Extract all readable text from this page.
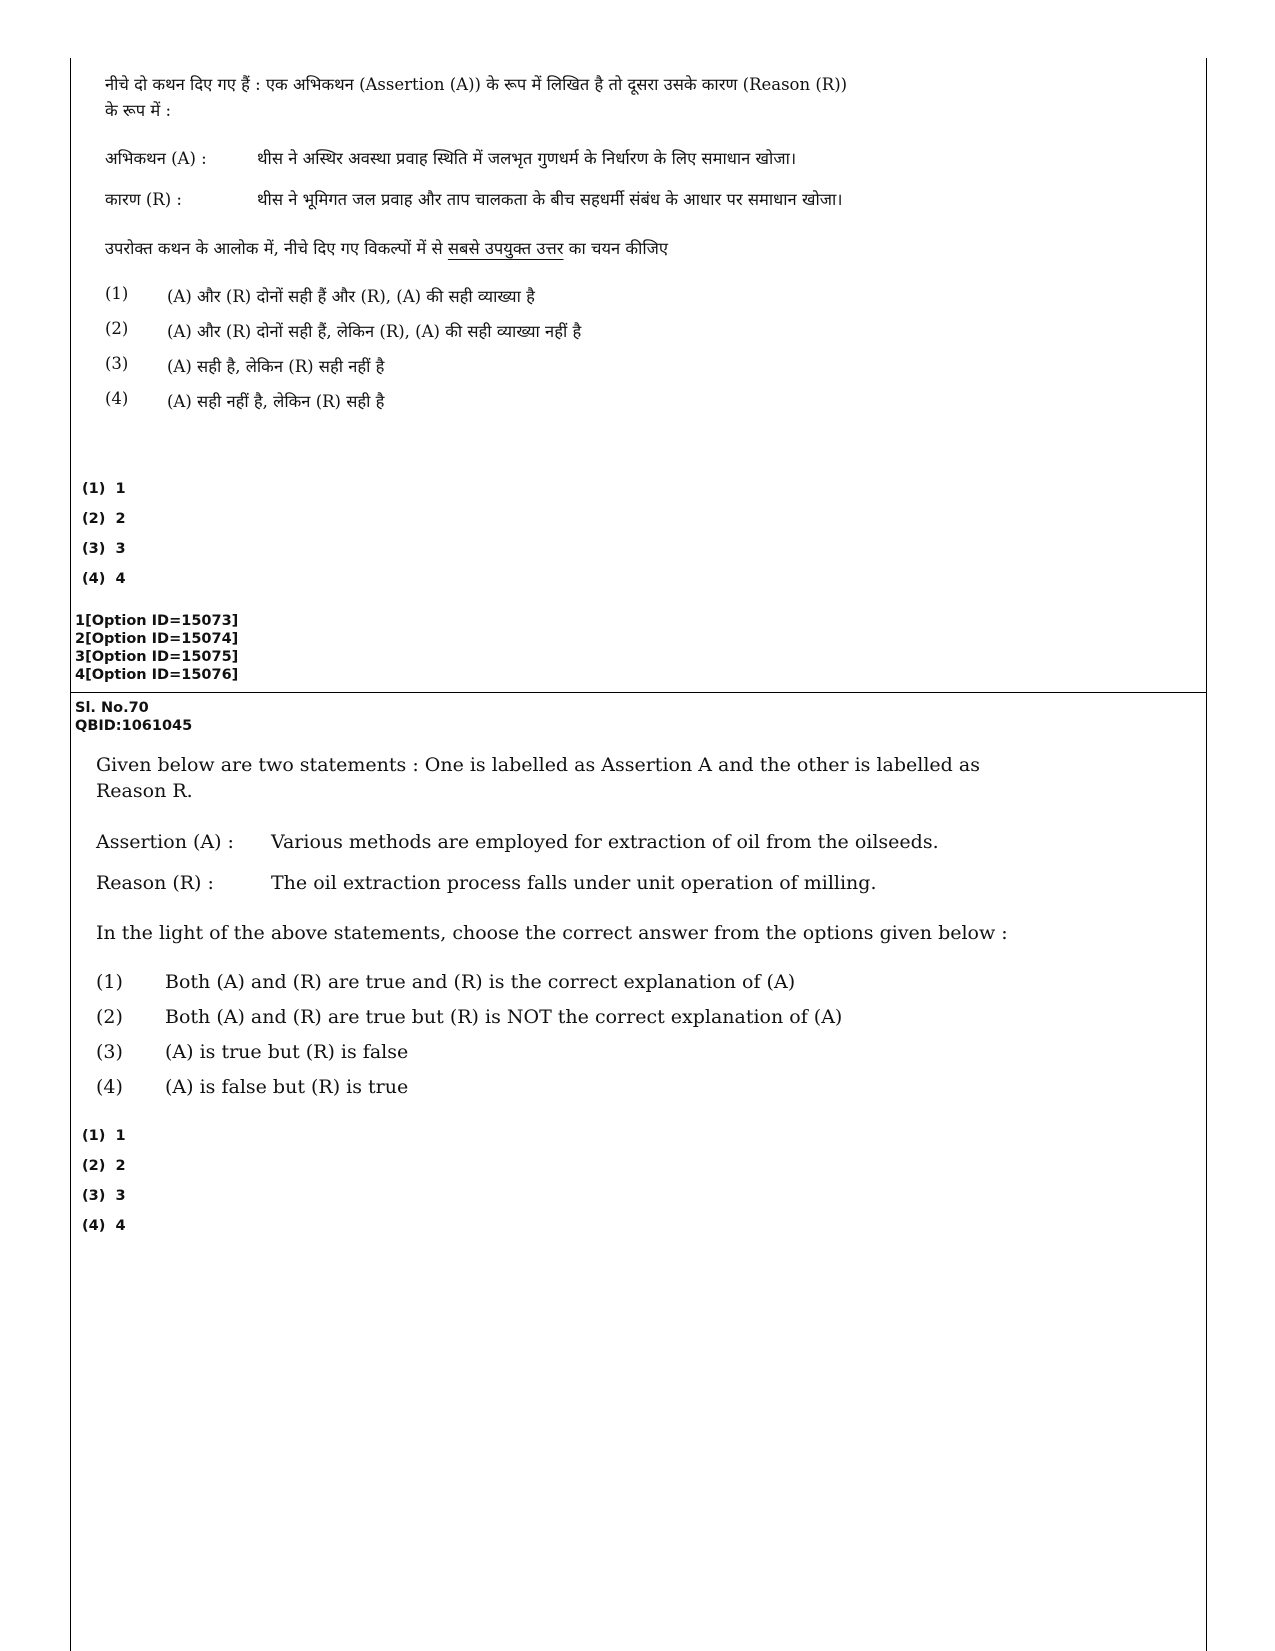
नीचे दो कथन दिए गए हैं : एक अभिकथन (Assertion (A)) के रूप में लिखित है तो दूसरा उसके कारण (Reason (R))

के रूप में :

अभिकथन (A) :	थीस ने अस्थिर अवस्था प्रवाह स्थिति में जलभृत गुणधर्म के निर्धारण के लिए समाधान खोजा।
कारण (R) :	थीस ने भूमिगत जल प्रवाह और ताप चालकता के बीच सहधर्मी संबंध के आधार पर समाधान खोजा।

उपरोक्त कथन के आलोक में, नीचे दिए गए विकल्पों में से सबसे उपयुक्त उत्तर का चयन कीजिए

(1)	(A) और (R) दोनों सही हैं और (R), (A) की सही व्याख्या है
(2)	(A) और (R) दोनों सही हैं, लेकिन (R), (A) की सही व्याख्या नहीं है
(3)	(A) सही है, लेकिन (R) सही नहीं है
(4)	(A) सही नहीं है, लेकिन (R) सही है
(1) 1
(2) 2
(3) 3
(4) 4
1[Option ID=15073]
2[Option ID=15074]
3[Option ID=15075]
4[Option ID=15076]
Sl. No.70
QBID:1061045

Given below are two statements : One is labelled as Assertion A and the other is labelled as

Reason R.

Assertion (A) :	Various methods are employed for extraction of oil from the oilseeds.
Reason (R) :	The oil extraction process falls under unit operation of milling.

In the light of the above statements, choose the correct answer from the options given below :

(1)	Both (A) and (R) are true and (R) is the correct explanation of (A)
(2)	Both (A) and (R) are true but (R) is NOT the correct explanation of (A)
(3)	(A) is true but (R) is false
(4)	(A) is false but (R) is true
(1) 1
(2) 2
(3) 3
(4) 4
